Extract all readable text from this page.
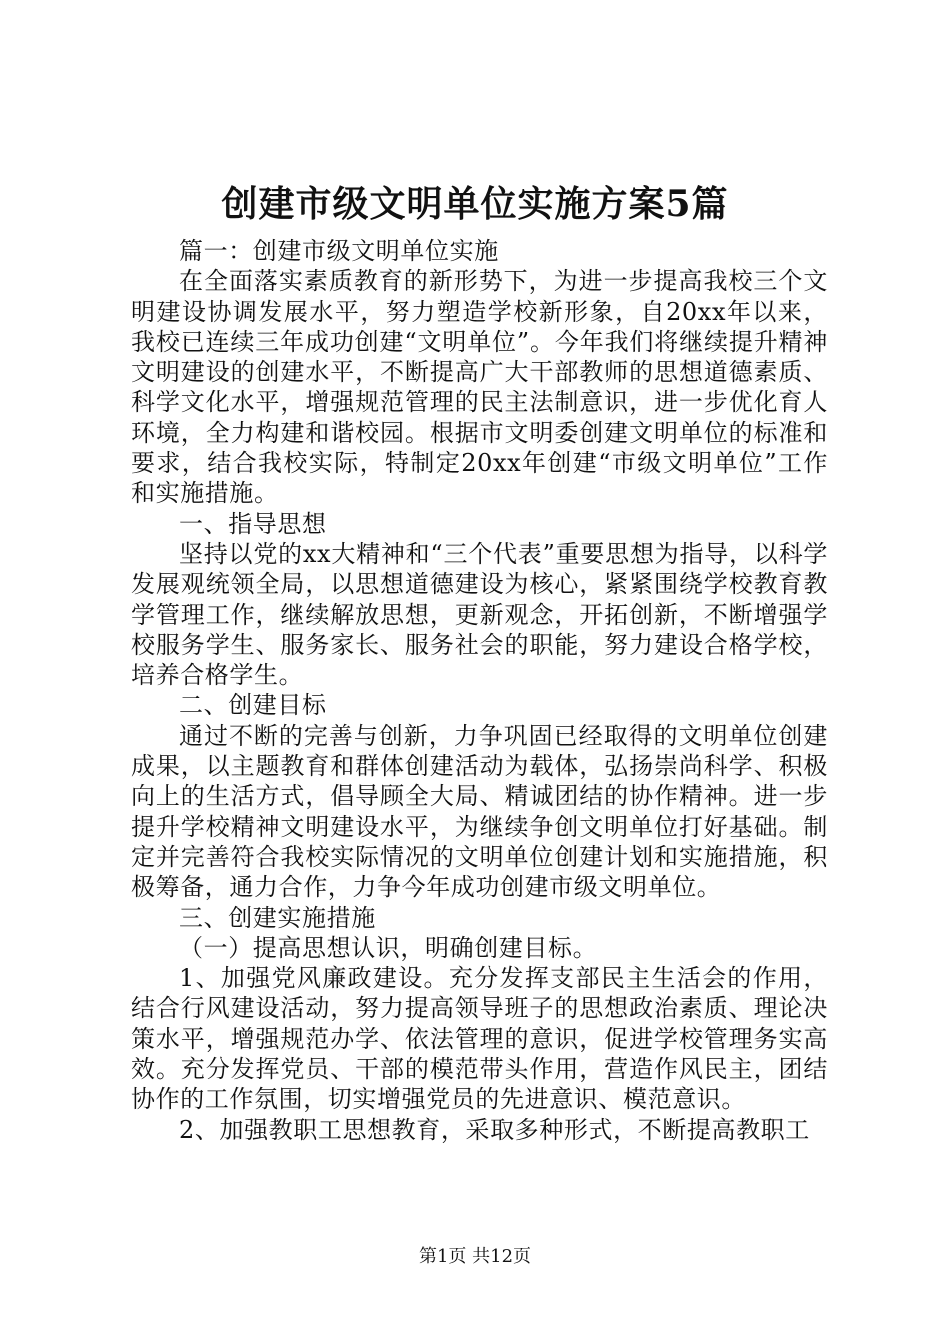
创建市级文明单位实施方案5篇

篇一：创建市级文明单位实施

在全面落实素质教育的新形势下，为进一步提高我校三个文明建设协调发展水平，努力塑造学校新形象，自20xx年以来，我校已连续三年成功创建“文明单位”。今年我们将继续提升精神文明建设的创建水平，不断提高广大干部教师的思想道德素质、科学文化水平，增强规范管理的民主法制意识，进一步优化育人环境，全力构建和谐校园。根据市文明委创建文明单位的标准和要求，结合我校实际，特制定20xx年创建“市级文明单位”工作和实施措施。

一、指导思想

坚持以党的xx大精神和“三个代表”重要思想为指导，以科学发展观统领全局，以思想道德建设为核心，紧紧围绕学校教育教学管理工作，继续解放思想，更新观念，开拓创新，不断增强学校服务学生、服务家长、服务社会的职能，努力建设合格学校，培养合格学生。

二、创建目标

通过不断的完善与创新，力争巩固已经取得的文明单位创建成果，以主题教育和群体创建活动为载体，弘扬崇尚科学、积极向上的生活方式，倡导顾全大局、精诚团结的协作精神。进一步提升学校精神文明建设水平，为继续争创文明单位打好基础。制定并完善符合我校实际情况的文明单位创建计划和实施措施，积极筹备，通力合作，力争今年成功创建市级文明单位。

三、创建实施措施

（一）提高思想认识，明确创建目标。

1、加强党风廉政建设。充分发挥支部民主生活会的作用，结合行风建设活动，努力提高领导班子的思想政治素质、理论决策水平，增强规范办学、依法管理的意识，促进学校管理务实高效。充分发挥党员、干部的模范带头作用，营造作风民主，团结协作的工作氛围，切实增强党员的先进意识、模范意识。

2、加强教职工思想教育，采取多种形式，不断提高教职工

第1页 共12页
